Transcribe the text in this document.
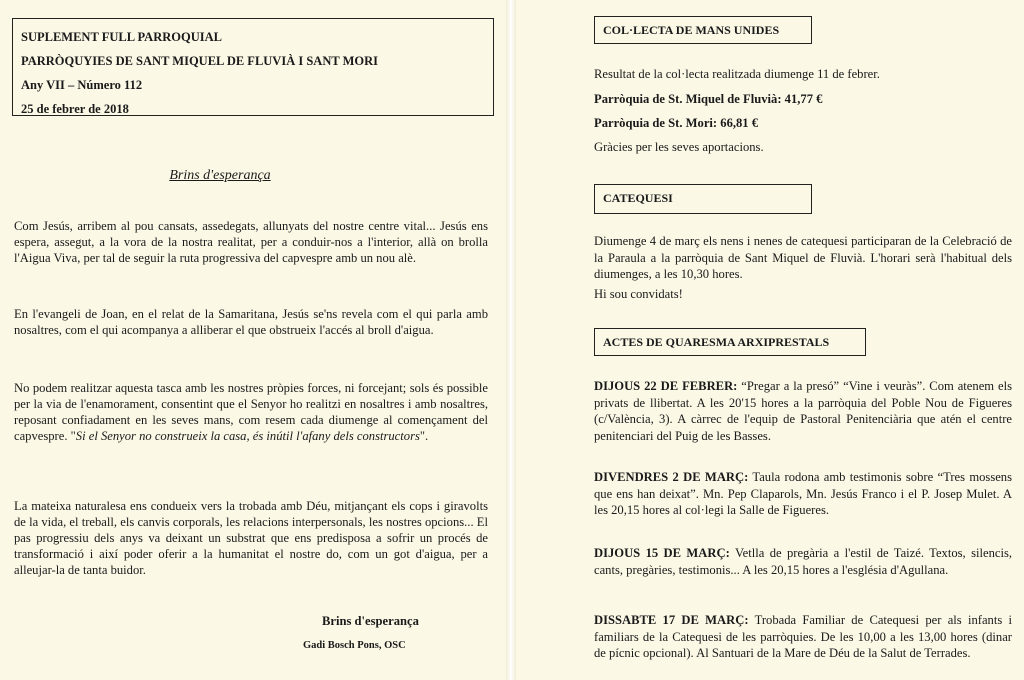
SUPLEMENT FULL PARROQUIAL
PARRÒQUYIES DE SANT MIQUEL DE FLUVIÀ I SANT MORI
Any VII – Número 112
25 de febrer de 2018
Brins d'esperança
Com Jesús, arribem al pou cansats, assedegats, allunyats del nostre centre vital... Jesús ens espera, assegut, a la vora de la nostra realitat, per a conduir-nos a l'interior, allà on brolla l'Aigua Viva, per tal de seguir la ruta progressiva del capvespre amb un nou alè.
En l'evangeli de Joan, en el relat de la Samaritana, Jesús se'ns revela com el qui parla amb nosaltres, com el qui acompanya a alliberar el que obstrueix l'accés al broll d'aigua.
No podem realitzar aquesta tasca amb les nostres pròpies forces, ni forcejant; sols és possible per la via de l'enamorament, consentint que el Senyor ho realitzi en nosaltres i amb nosaltres, reposant confiadament en les seves mans, com resem cada diumenge al començament del capvespre. "Si el Senyor no construeix la casa, és inútil l'afany dels constructors".
La mateixa naturalesa ens condueix vers la trobada amb Déu, mitjançant els cops i giravolts de la vida, el treball, els canvis corporals, les relacions interpersonals, les nostres opcions... El pas progressiu dels anys va deixant un substrat que ens predisposa a sofrir un procés de transformació i així poder oferir a la humanitat el nostre do, com un got d'aigua, per a alleujar-la de tanta buidor.
Brins d'esperança
Gadi Bosch Pons, OSC
COL·LECTA DE MANS UNIDES
Resultat de la col·lecta realitzada diumenge 11 de febrer.
Parròquia de St. Miquel de Fluvià: 41,77 €
Parròquia de St. Mori: 66,81 €
Gràcies per les seves aportacions.
CATEQUESI
Diumenge 4 de març els nens i nenes de catequesi participaran de la Celebració de la Paraula a la parròquia de Sant Miquel de Fluvià. L'horari serà l'habitual dels diumenges, a les 10,30 hores.
Hi sou convidats!
ACTES DE QUARESMA ARXIPRESTALS
DIJOUS 22 DE FEBRER: “Pregar a la presó” “Vine i veuràs”. Com atenem els privats de llibertat. A les 20'15 hores a la parròquia del Poble Nou de Figueres (c/València, 3). A càrrec de l'equip de Pastoral Penitenciària que atén el centre penitenciari del Puig de les Basses.
DIVENDRES 2 DE MARÇ: Taula rodona amb testimonis sobre “Tres mossens que ens han deixat”. Mn. Pep Claparols, Mn. Jesús Franco i el P. Josep Mulet. A les 20,15 hores al col·legi la Salle de Figueres.
DIJOUS 15 DE MARÇ: Vetlla de pregària a l'estil de Taizé. Textos, silencis, cants, pregàries, testimonis... A les 20,15 hores a l'església d'Agullana.
DISSABTE 17 DE MARÇ: Trobada Familiar de Catequesi per als infants i familiars de la Catequesi de les parròquies. De les 10,00 a les 13,00 hores (dinar de pícnic opcional). Al Santuari de la Mare de Déu de la Salut de Terrades.
